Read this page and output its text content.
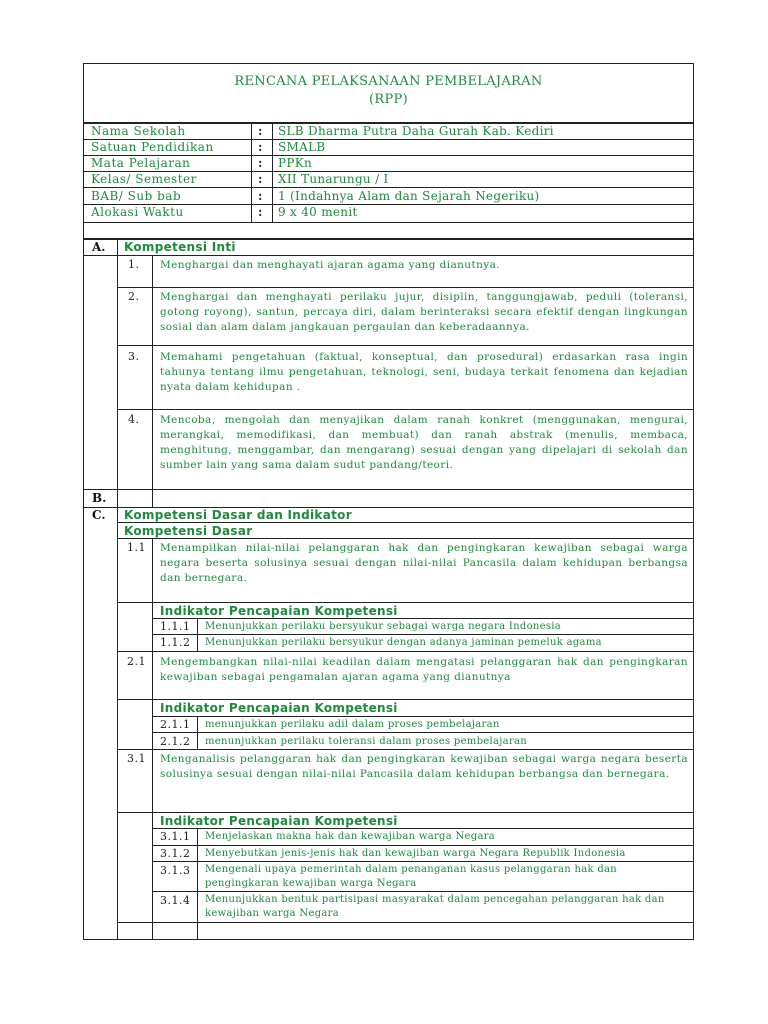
RENCANA PELAKSANAAN PEMBELAJARAN
(RPP)
Nama Sekolah	: SLB Dharma Putra Daha Gurah Kab. Kediri
Satuan Pendidikan	: SMALB
Mata Pelajaran	: PPKn
Kelas/ Semester	: XII Tunarungu / I
BAB/ Sub bab	: 1 (Indahnya Alam dan Sejarah Negeriku)
Alokasi Waktu	: 9 x 40 menit
A. Kompetensi Inti
1. Menghargai dan menghayati ajaran agama yang dianutnya.
2. Menghargai dan menghayati perilaku jujur, disiplin, tanggungjawab, peduli (toleransi, gotong royong), santun, percaya diri, dalam berinteraksi secara efektif dengan lingkungan sosial dan alam dalam jangkauan pergaulan dan keberadaannya.
3. Memahami pengetahuan (faktual, konseptual, dan prosedural) erdasarkan rasa ingin tahunya tentang ilmu pengetahuan, teknologi, seni, budaya terkait fenomena dan kejadian nyata dalam kehidupan .
4. Mencoba, mengolah dan menyajikan dalam ranah konkret (menggunakan, mengurai, merangkai, memodifikasi, dan membuat) dan ranah abstrak (menulis, membaca, menghitung, menggambar, dan mengarang) sesuai dengan yang dipelajari di sekolah dan sumber lain yang sama dalam sudut pandang/teori.
B.
C. Kompetensi Dasar dan Indikator
Kompetensi Dasar
1.1 Menampilkan nilai-nilai pelanggaran hak dan pengingkaran kewajiban sebagai warga negara beserta solusinya sesuai dengan nilai-nilai Pancasila dalam kehidupan berbangsa dan bernegara.
Indikator Pencapaian Kompetensi
1.1.1 Menunjukkan perilaku bersyukur sebagai warga negara Indonesia
1.1.2 Menunjukkan perilaku bersyukur dengan adanya jaminan pemeluk agama
2.1 Mengembangkan nilai-nilai keadilan dalam mengatasi pelanggaran hak dan pengingkaran kewajiban sebagai pengamalan ajaran agama yang dianutnya
Indikator Pencapaian Kompetensi
2.1.1 menunjukkan perilaku adil dalam proses pembelajaran
2.1.2 menunjukkan perilaku toleransi dalam proses pembelajaran
3.1 Menganalisis pelanggaran hak dan pengingkaran kewajiban sebagai warga negara beserta solusinya sesuai dengan nilai-nilai Pancasila dalam kehidupan berbangsa dan bernegara.
Indikator Pencapaian Kompetensi
3.1.1 Menjelaskan makna hak dan kewajiban warga Negara
3.1.2 Menyebutkan jenis-jenis hak dan kewajiban warga Negara Republik Indonesia
3.1.3 Mengenali upaya pemerintah dalam penanganan kasus pelanggaran hak dan pengingkaran kewajiban warga Negara
3.1.4 Menunjukkan bentuk partisipasi masyarakat dalam pencegahan pelanggaran hak dan kewajiban warga Negara
